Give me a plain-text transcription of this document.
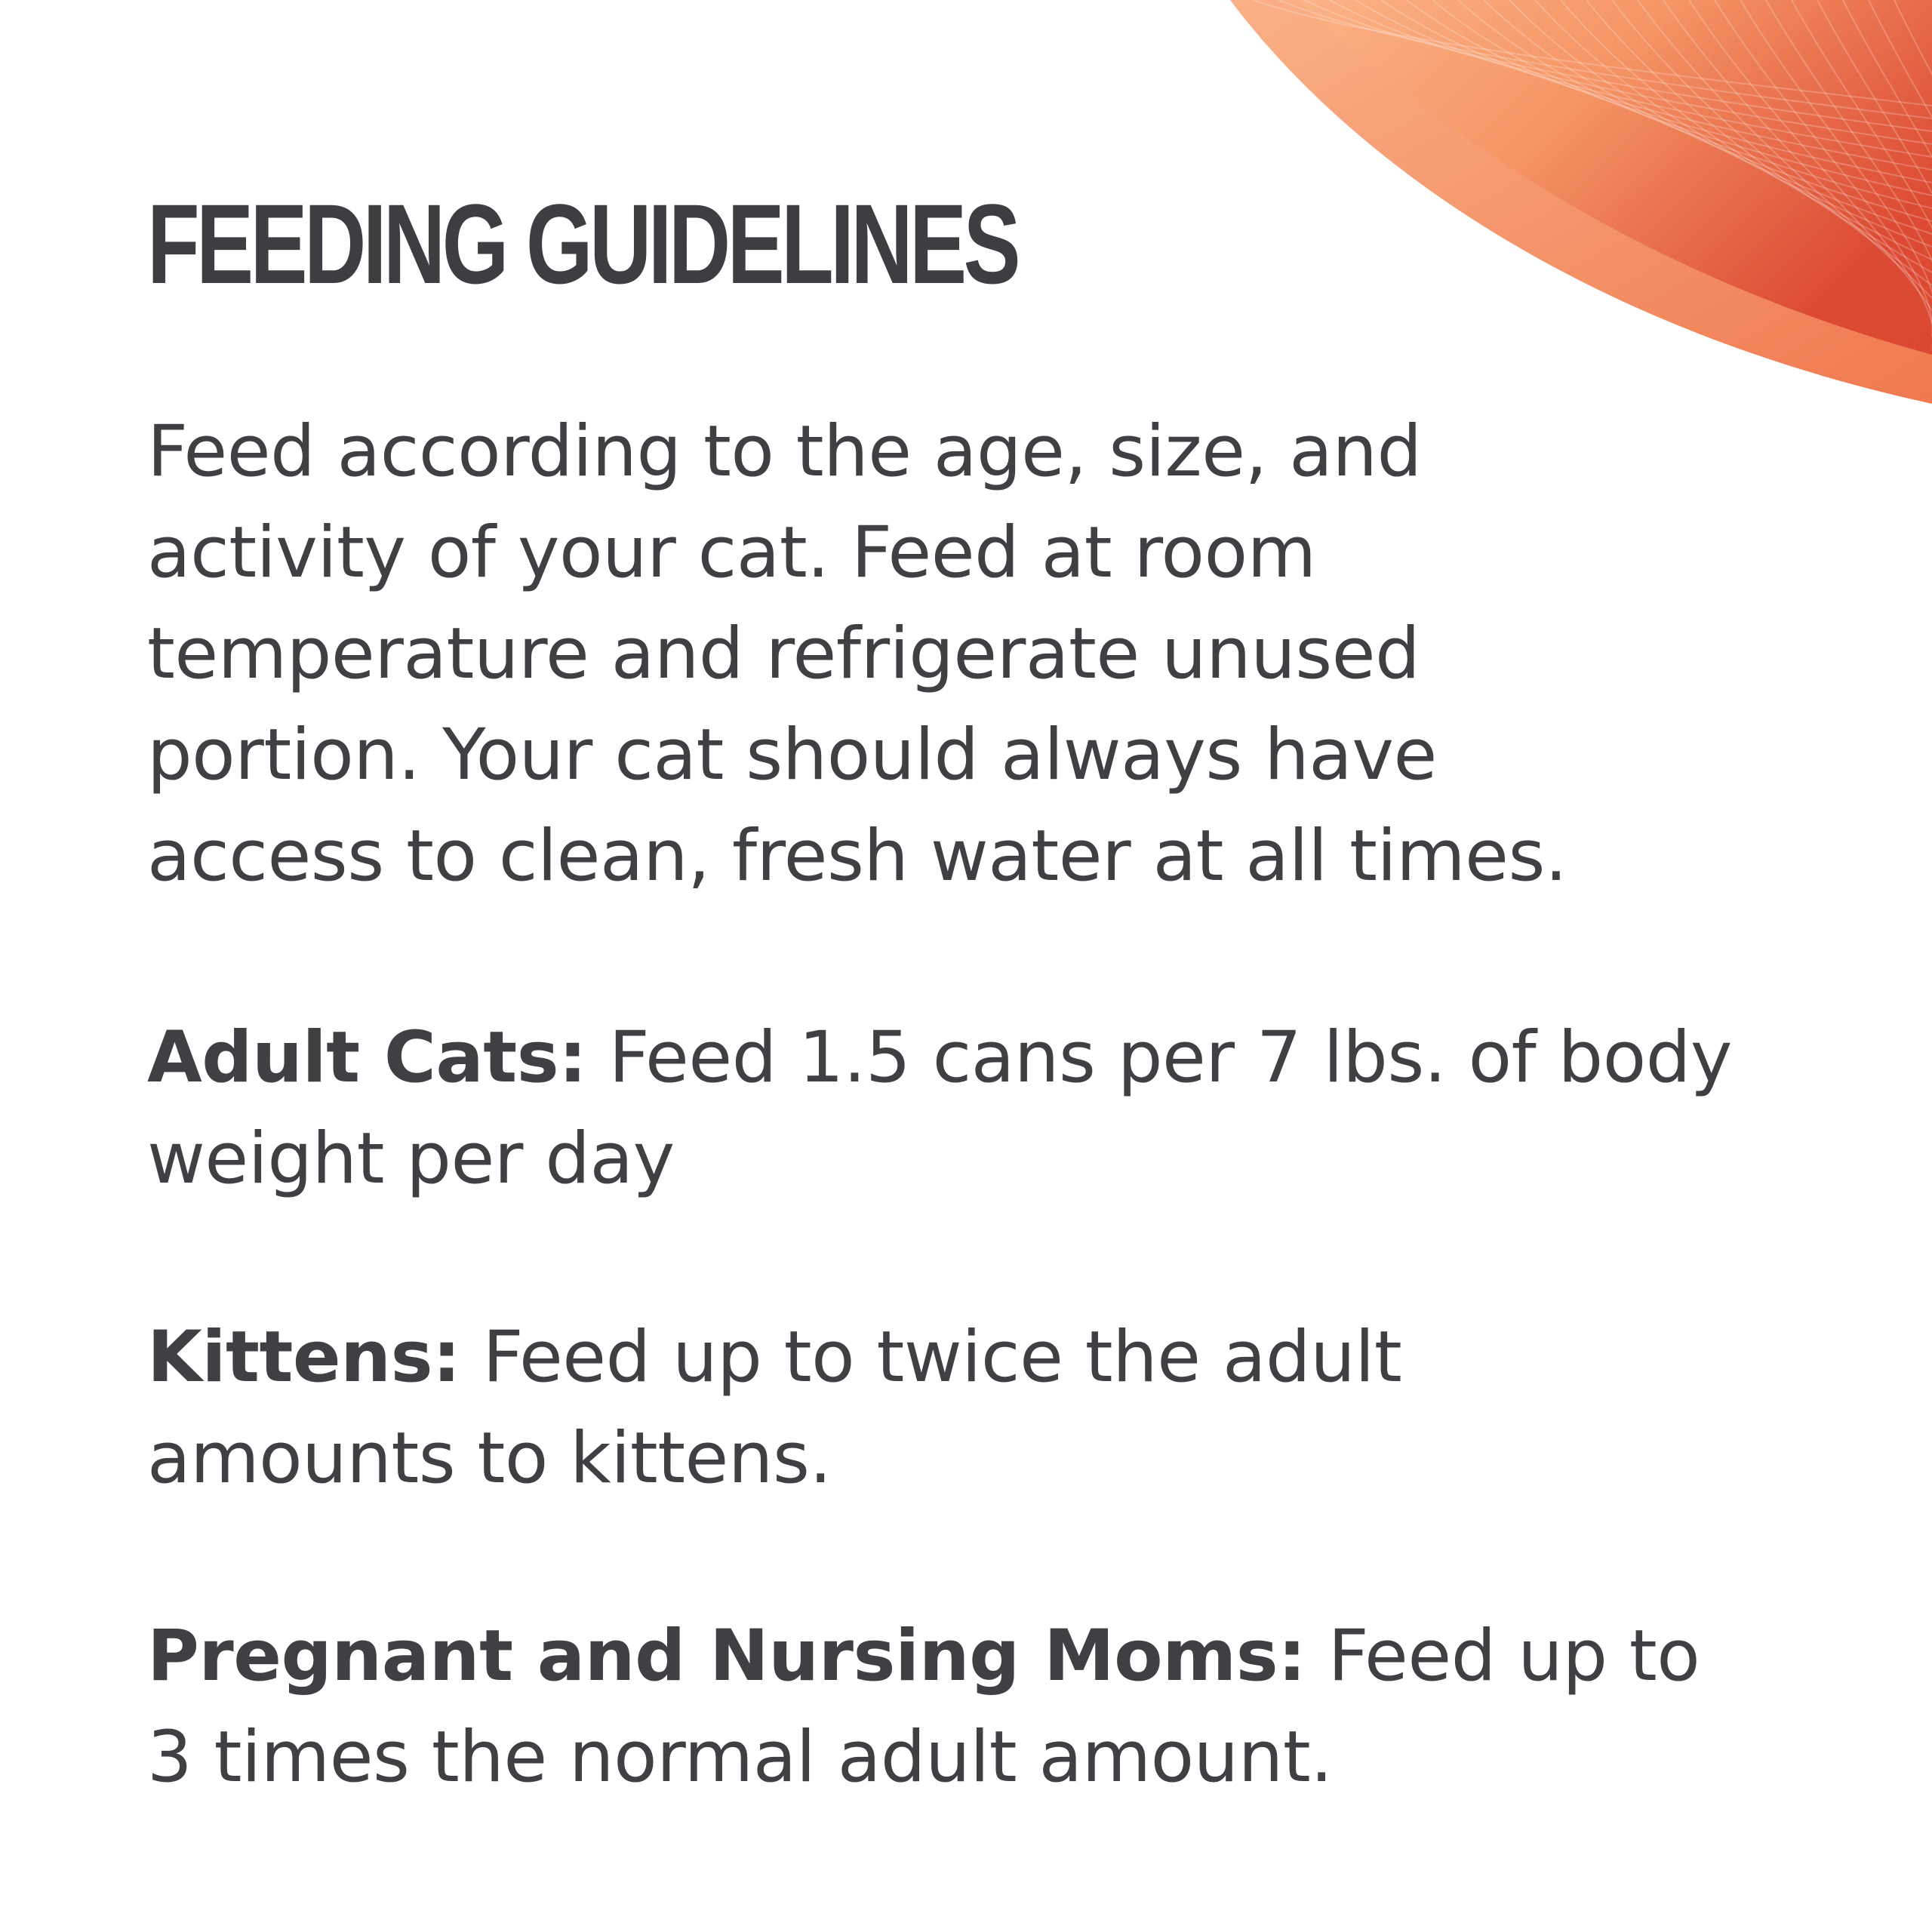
FEEDING GUIDELINES

Feed according to the age, size, and
activity of your cat. Feed at room
temperature and refrigerate unused
portion. Your cat should always have
access to clean, fresh water at all times.

Adult Cats: Feed 1.5 cans per 7 lbs. of body
weight per day

Kittens: Feed up to twice the adult
amounts to kittens.

Pregnant and Nursing Moms: Feed up to
3 times the normal adult amount.
